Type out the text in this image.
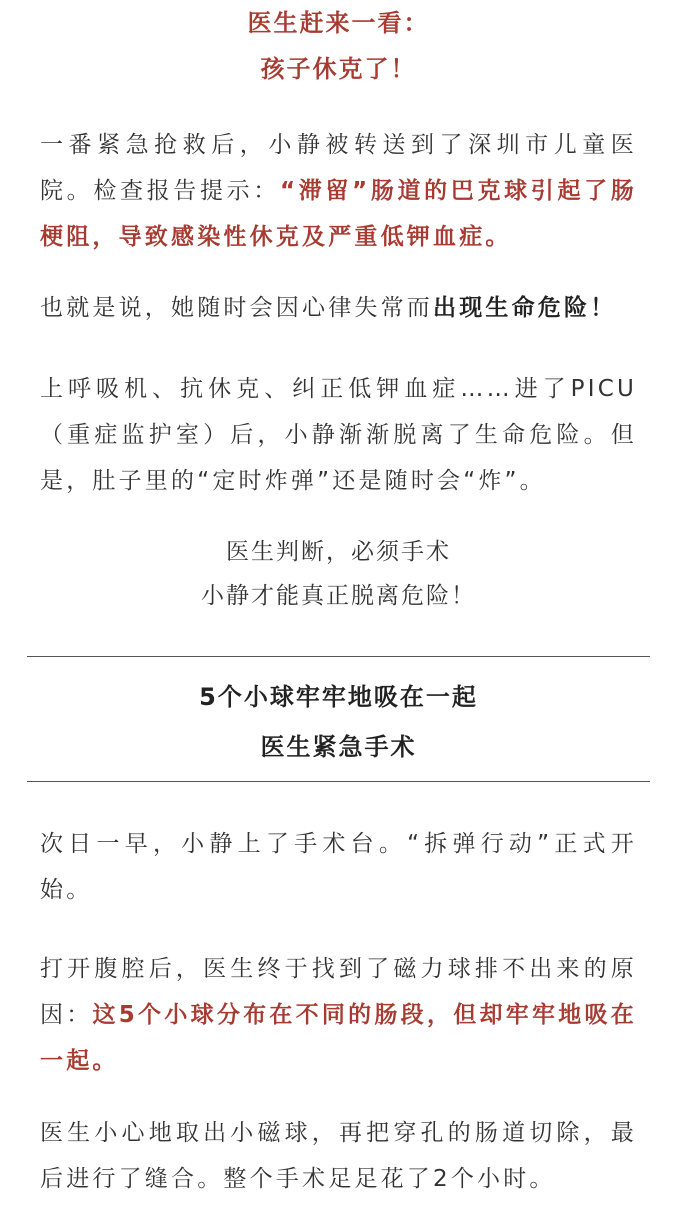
医生赶来一看：
孩子休克了！

一番紧急抢救后，小静被转送到了深圳市儿童医院。检查报告提示：“滞留”肠道的巴克球引起了肠梗阻，导致感染性休克及严重低钾血症。

也就是说，她随时会因心律失常而出现生命危险！

上呼吸机、抗休克、纠正低钾血症……进了PICU（重症监护室）后，小静渐渐脱离了生命危险。但是，肚子里的“定时炸弹”还是随时会“炸”。

医生判断，必须手术
小静才能真正脱离危险！
5个小球牢牢地吸在一起
医生紧急手术

次日一早，小静上了手术台。“拆弹行动”正式开始。

打开腹腔后，医生终于找到了磁力球排不出来的原因：这5个小球分布在不同的肠段，但却牢牢地吸在一起。

医生小心地取出小磁球，再把穿孔的肠道切除，最后进行了缝合。整个手术足足花了2个小时。
